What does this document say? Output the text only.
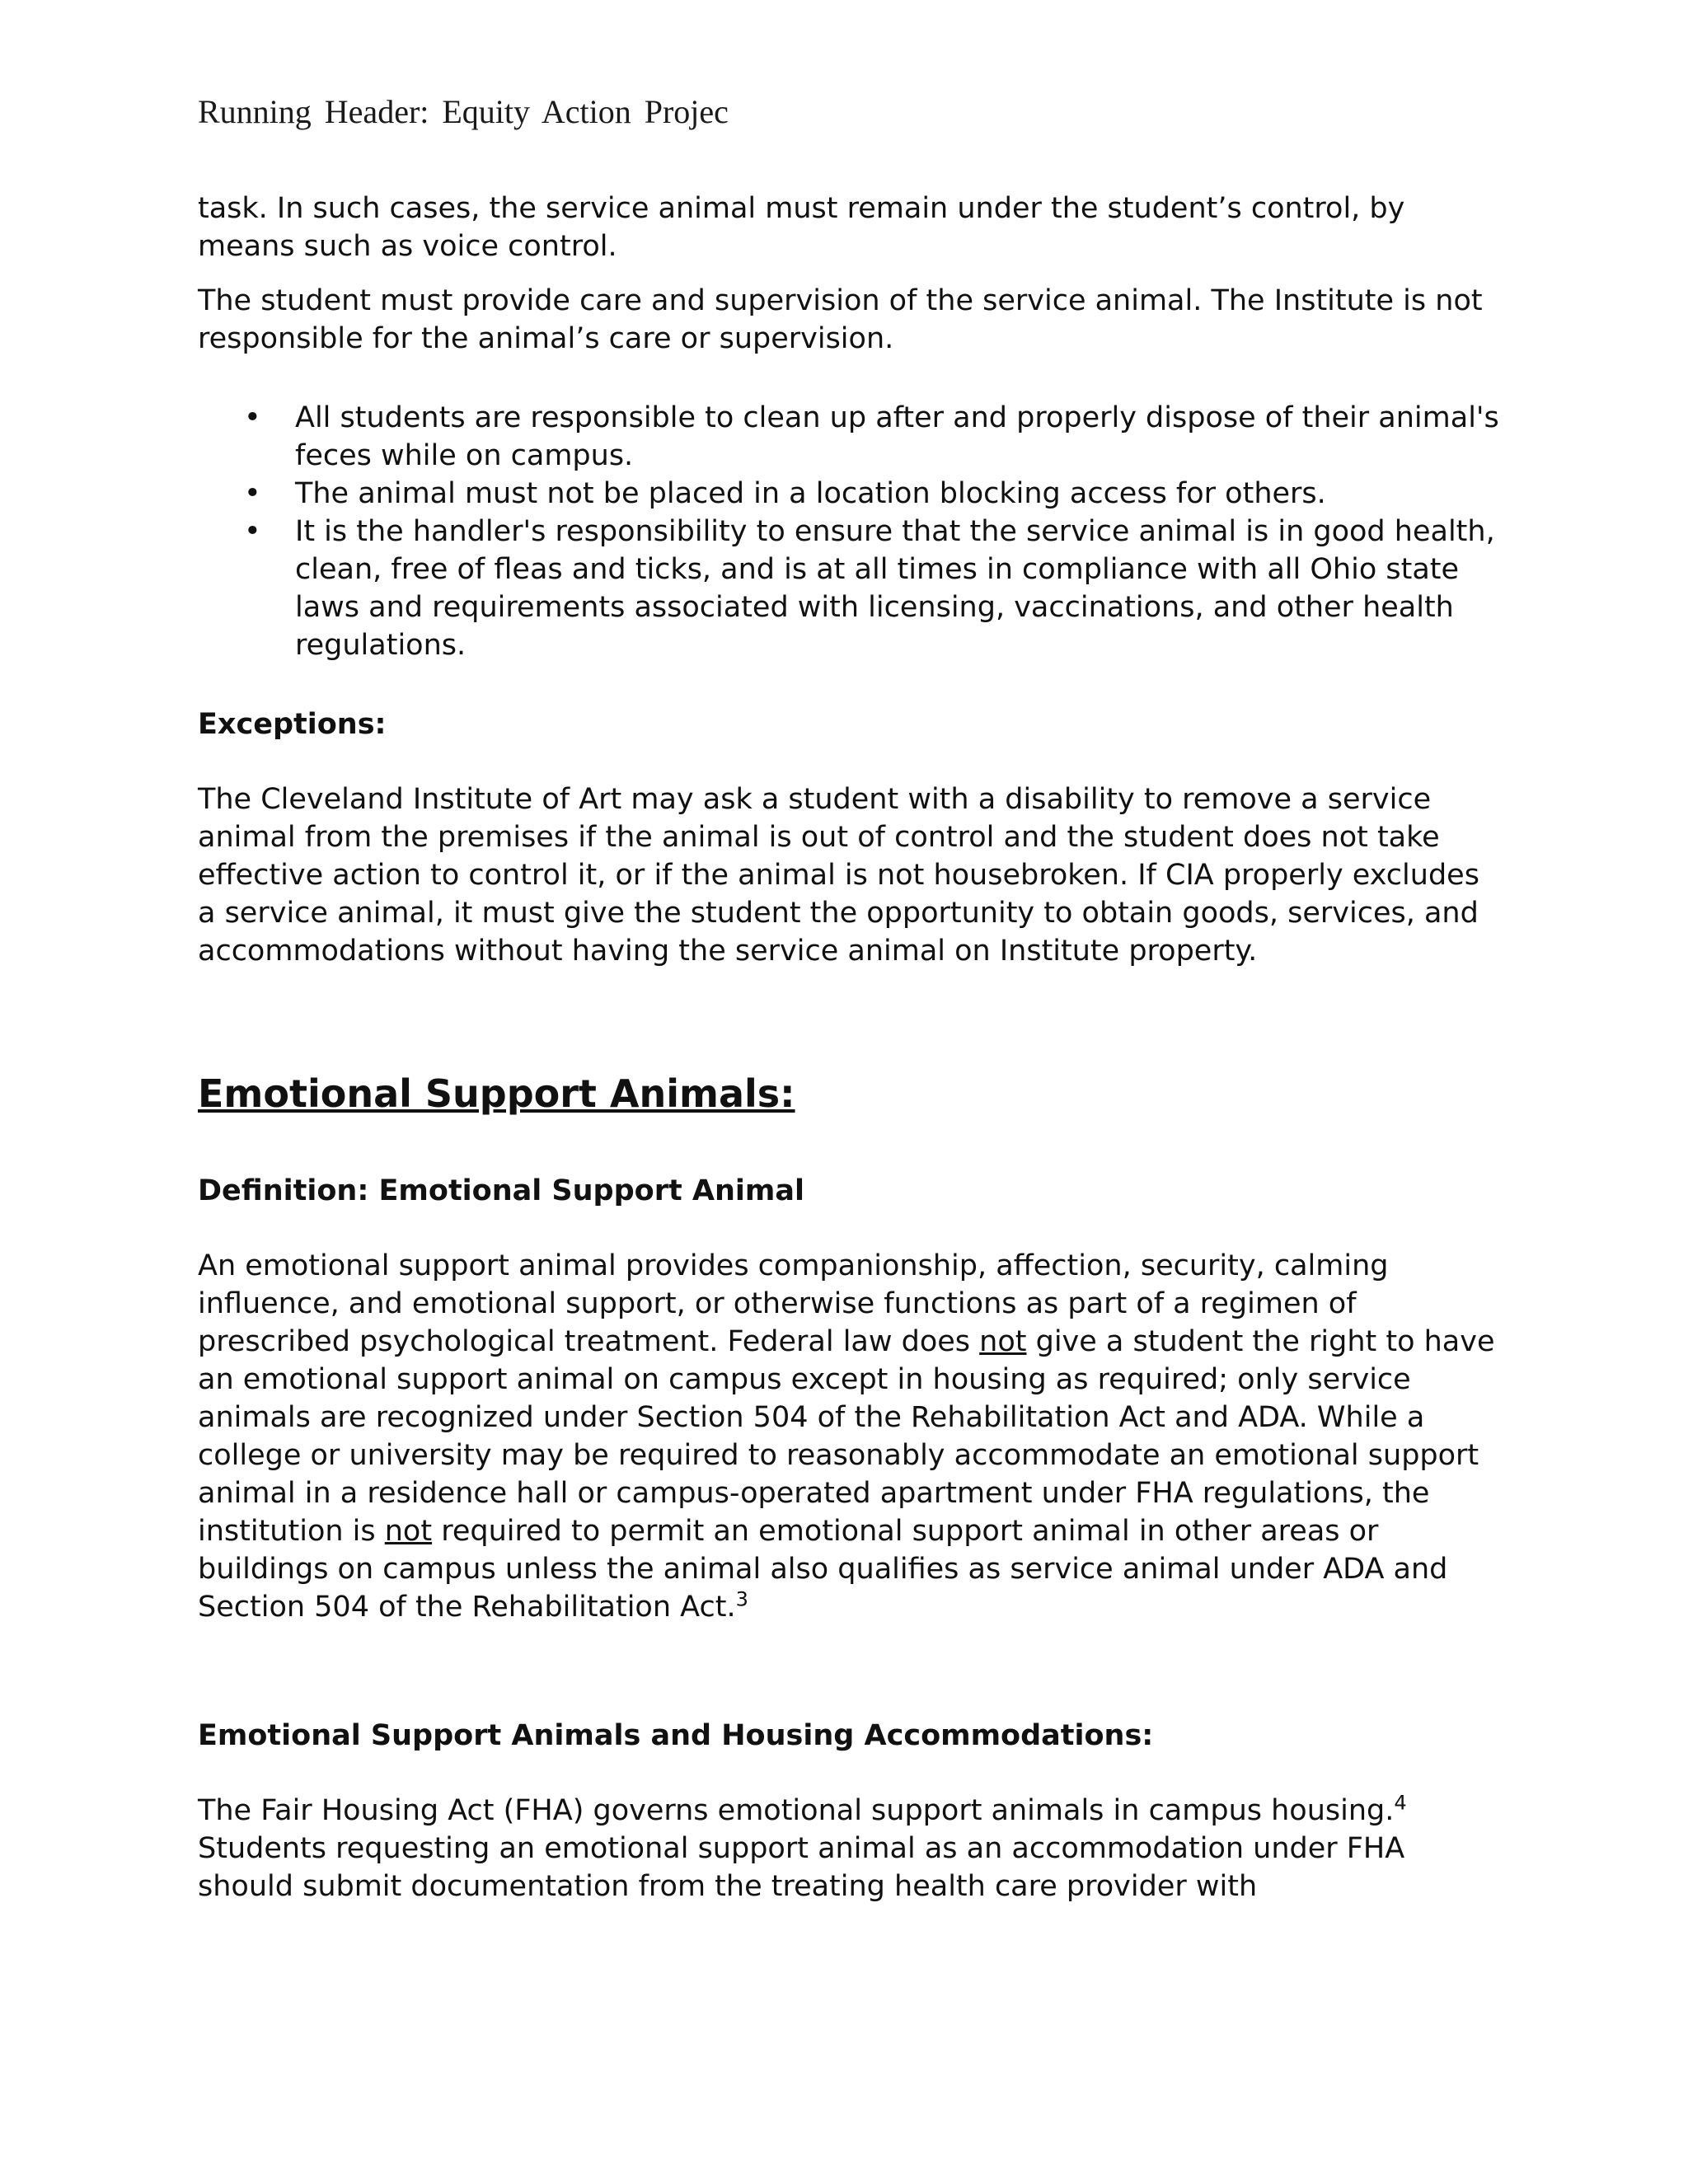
Running Header: Equity Action Projec

task. In such cases, the service animal must remain under the student’s control, by means such as voice control.

The student must provide care and supervision of the service animal. The Institute is not responsible for the animal’s care or supervision.

• All students are responsible to clean up after and properly dispose of their animal's feces while on campus.
• The animal must not be placed in a location blocking access for others.
• It is the handler's responsibility to ensure that the service animal is in good health, clean, free of fleas and ticks, and is at all times in compliance with all Ohio state laws and requirements associated with licensing, vaccinations, and other health regulations.

Exceptions:

The Cleveland Institute of Art may ask a student with a disability to remove a service animal from the premises if the animal is out of control and the student does not take effective action to control it, or if the animal is not housebroken. If CIA properly excludes a service animal, it must give the student the opportunity to obtain goods, services, and accommodations without having the service animal on Institute property.

Emotional Support Animals:

Definition: Emotional Support Animal

An emotional support animal provides companionship, affection, security, calming influence, and emotional support, or otherwise functions as part of a regimen of prescribed psychological treatment. Federal law does not give a student the right to have an emotional support animal on campus except in housing as required; only service animals are recognized under Section 504 of the Rehabilitation Act and ADA. While a college or university may be required to reasonably accommodate an emotional support animal in a residence hall or campus-operated apartment under FHA regulations, the institution is not required to permit an emotional support animal in other areas or buildings on campus unless the animal also qualifies as service animal under ADA and Section 504 of the Rehabilitation Act.$^3$

Emotional Support Animals and Housing Accommodations:

The Fair Housing Act (FHA) governs emotional support animals in campus housing.$^4$ Students requesting an emotional support animal as an accommodation under FHA should submit documentation from the treating health care provider with
